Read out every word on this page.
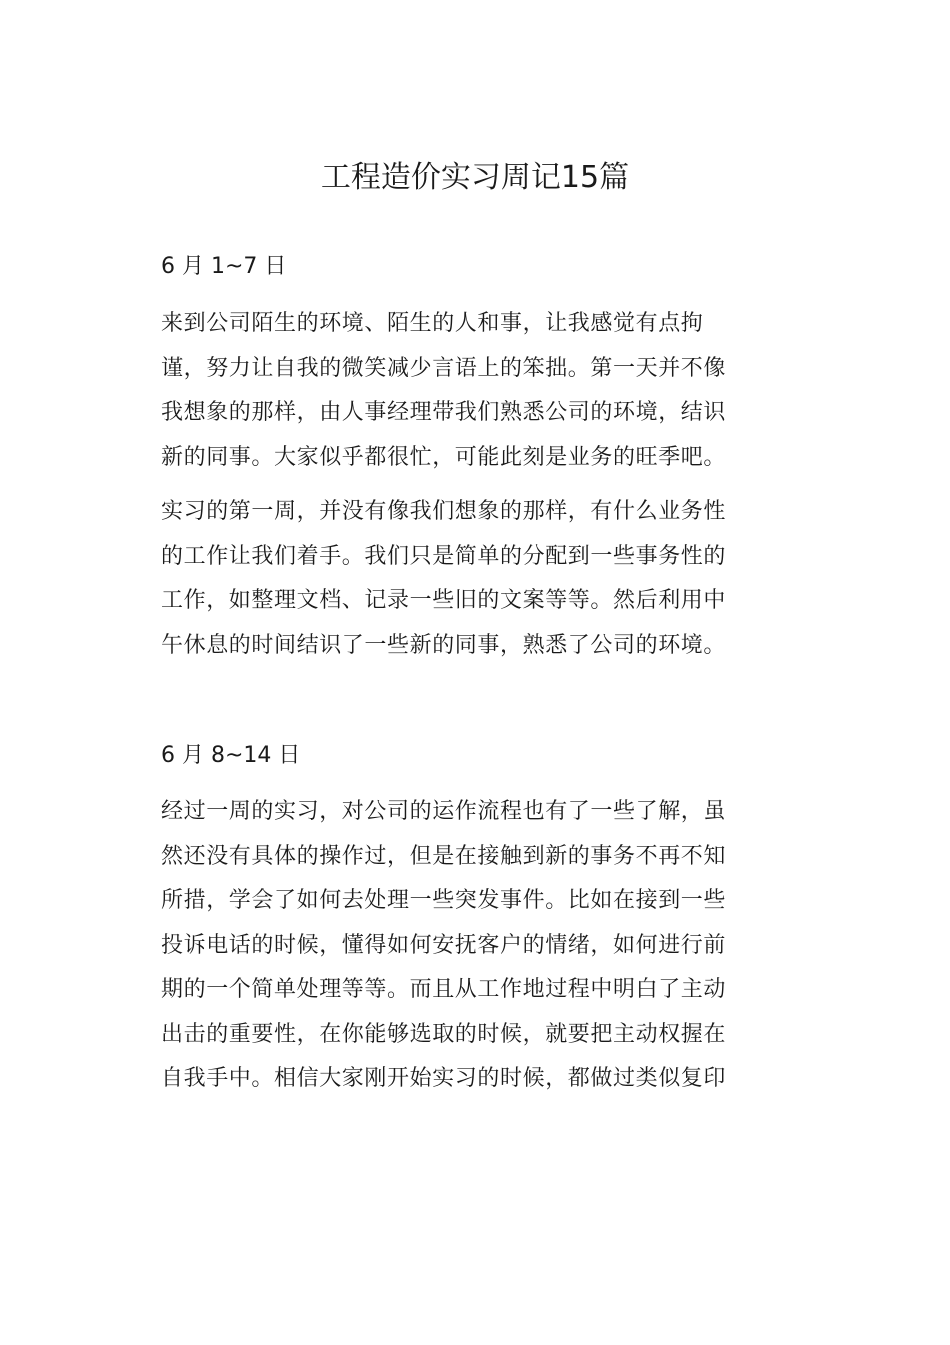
工程造价实习周记15篇
6 月 1~7 日
来到公司陌生的环境、陌生的人和事，让我感觉有点拘
谨，努力让自我的微笑减少言语上的笨拙。第一天并不像
我想象的那样，由人事经理带我们熟悉公司的环境，结识
新的同事。大家似乎都很忙，可能此刻是业务的旺季吧。
实习的第一周，并没有像我们想象的那样，有什么业务性
的工作让我们着手。我们只是简单的分配到一些事务性的
工作，如整理文档、记录一些旧的文案等等。然后利用中
午休息的时间结识了一些新的同事，熟悉了公司的环境。
6 月 8~14 日
经过一周的实习，对公司的运作流程也有了一些了解，虽
然还没有具体的操作过，但是在接触到新的事务不再不知
所措，学会了如何去处理一些突发事件。比如在接到一些
投诉电话的时候，懂得如何安抚客户的情绪，如何进行前
期的一个简单处理等等。而且从工作地过程中明白了主动
出击的重要性，在你能够选取的时候，就要把主动权握在
自我手中。相信大家刚开始实习的时候，都做过类似复印
